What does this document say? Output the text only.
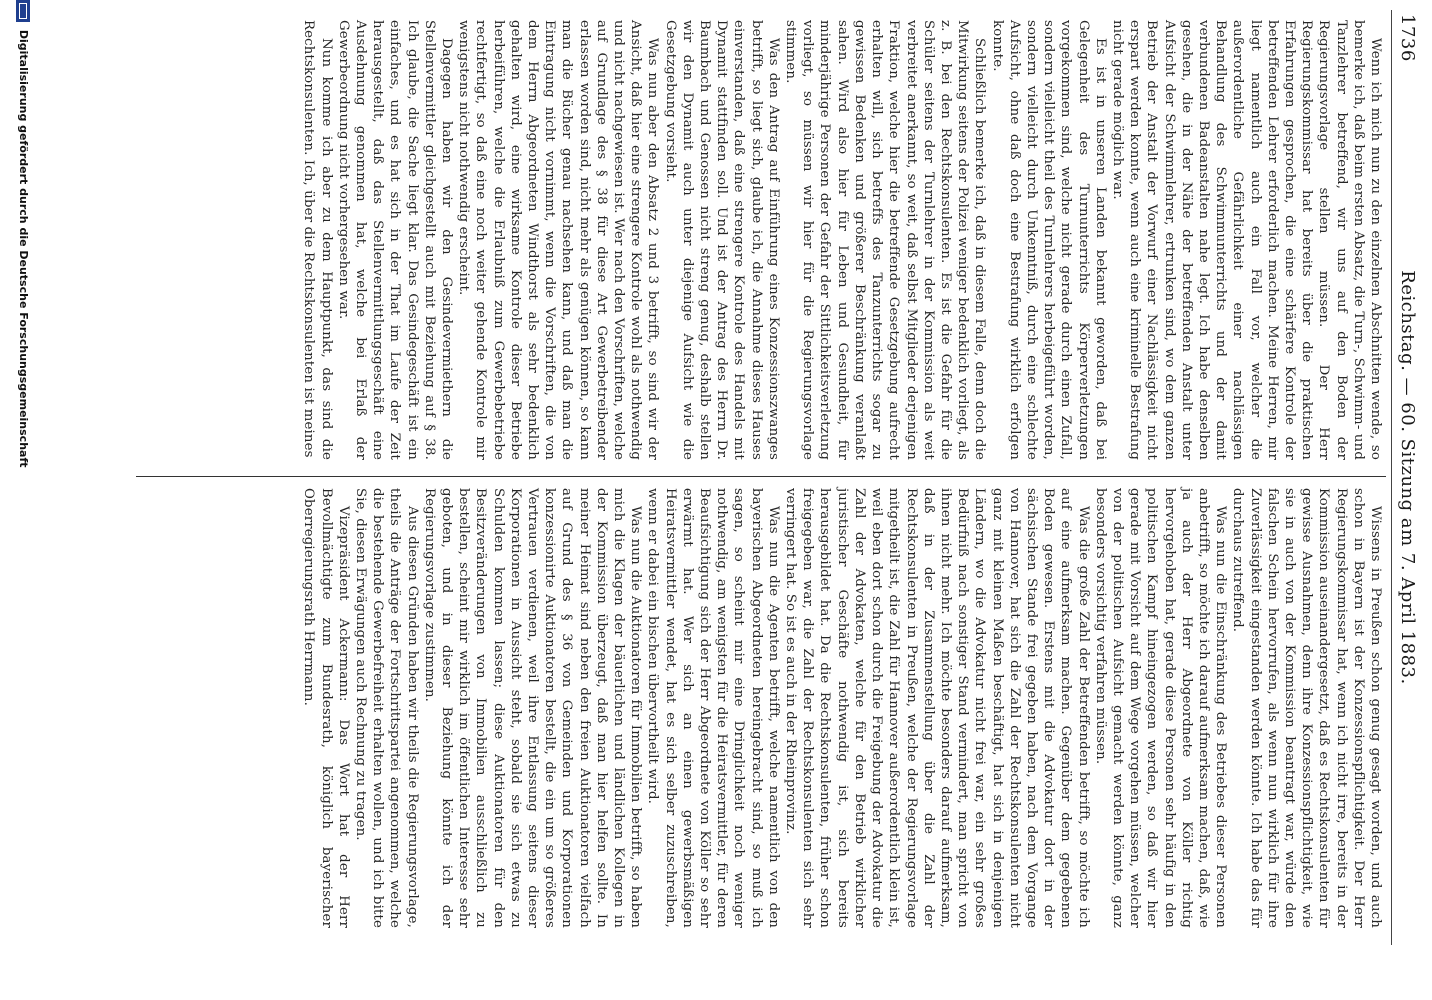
1736
Reichstag. — 60. Sitzung am 7. April 1883.

Wenn ich mich nun zu den einzelnen Abschnitten wende, so bemerke ich, daß beim ersten Absatz, die Turn-, Schwimm- und Tanzlehrer betreffend, wir uns auf den Boden der Regierungsvorlage stellen müssen. Der Herr Regierungskommissar hat bereits über die praktischen Erfahrungen gesprochen, die eine schärfere Kontrole der betreffenden Lehrer erforderlich machen. Meine Herren, mir liegt namentlich auch ein Fall vor, welcher die außerordentliche Gefährlichkeit einer nachlässigen Behandlung des Schwimmunterrichts und der damit verbundenen Badeanstalten nahe legt. Ich habe denselben gesehen, die in der Nähe der betreffenden Anstalt unter Aufsicht der Schwimmlehrer, ertrunken sind, wo dem ganzen Betrieb der Anstalt der Vorwurf einer Nachlässigkeit nicht erspart werden konnte, wenn auch eine kriminelle Bestrafung nicht gerade möglich war.

Es ist in unseren Landen bekannt geworden, daß bei Gelegenheit des Turnunterrichts Körperverletzungen vorgekommen sind, welche nicht gerade durch einen Zufall, sondern vielleicht theil des Turnlehrers herbeigeführt worden, sondern vielleicht durch Unkenntniß, durch eine schlechte Aufsicht, ohne daß doch eine Bestrafung wirklich erfolgen konnte.

Schließlich bemerke ich, daß in diesem Falle, denn doch die Mitwirkung seitens der Polizei weniger bedenklich vorliegt, als z. B. bei den Rechtskonsulenten. Es ist die Gefahr für die Schüler seitens der Turnlehrer in der Kommission als weit verbreitet anerkannt, so weit, daß selbst Mitglieder derjenigen Fraktion, welche hier die betreffende Gesetzgebung aufrecht erhalten will, sich betreffs des Tanzunterrichts sogar zu gewissen Bedenken und größerer Beschränkung veranlaßt sahen. Wird also hier für Leben und Gesundheit, für minderjährige Personen der Gefahr der Sittlichkeitsverletzung vorliegt, so müssen wir hier für die Regierungsvorlage stimmen.

Was den Antrag auf Einführung eines Konzessionszwanges betrifft, so liegt sich, glaube ich, die Annahme dieses Hauses einverstanden, daß eine strengere Kontrole des Handels mit Dynamit stattfinden soll. Und ist der Antrag des Herrn Dr. Baumbach und Genossen nicht streng genug, deshalb stellen wir den Dynamit auch unter diejenige Aufsicht wie die Gesetzgebung vorsieht.

Was nun aber den Absatz 2 und 3 betrifft, so sind wir der Ansicht, daß hier eine strengere Kontrole wohl als nothwendig und nicht nachgewiesen ist. Wer nach den Vorschriften, welche auf Grundlage des § 38 für diese Art Gewerbetreibender erlassen worden sind, nicht mehr als genügen können, so kann man die Bücher genau nachsehen kann, und daß man die Eintragung nicht vornimmt, wenn die Vorschriften, die von dem Herrn Abgeordneten Windthorst als sehr bedenklich gehalten wird, eine wirksame Kontrole dieser Betriebe herbeiführen, welche die Erlaubniß zum Gewerbebetriebe rechtfertigt, so daß eine noch weiter gehende Kontrole mir wenigstens nicht nothwendig erscheint.

Dagegen haben wir den Gesindevermiethern die Stellenvermittler gleichgestellt auch mit Beziehung auf § 38. Ich glaube, die Sache liegt klar. Das Gesindegeschäft ist ein einfaches, und es hat sich in der That im Laufe der Zeit herausgestellt, daß das Stellenvermittlungsgeschäft eine Ausdehnung genommen hat, welche bei Erlaß der Gewerbeordnung nicht vorhergesehen war.

Nun komme ich aber zu dem Hauptpunkt, das sind die Rechtskonsulenten. Ich, über die Rechtskonsulenten ist meines

Wissens in Preußen schon genug gesagt worden, und auch schon in Bayern ist der Konzessionspflichtigkeit. Der Herr Regierungskommissar hat, wenn ich nicht irre, bereits in der Kommission auseinandergesetzt, daß es Rechtskonsulenten für gewisse Ausnahmen, denn ihre Konzessionspflichtigkeit, wie sie in auch von der Kommission beantragt war, würde den falschen Schein hervorrufen, als wenn nun wirklich für ihre Zuverlässigkeit eingestanden werden könnte. Ich habe das für durchaus zutreffend.

Was nun die Einschränkung des Betriebes dieser Personen anbetrifft, so möchte ich darauf aufmerksam machen, daß, wie ja auch der Herr Abgeordnete von Köller richtig hervorgehoben hat, gerade diese Personen sehr häufig in den politischen Kampf hineingezogen werden, so daß wir hier gerade mit Vorsicht auf dem Wege vorgehen müssen, welcher von der politischen Aufsicht gemacht werden könnte, ganz besonders vorsichtig verfahren müssen.

Was die große Zahl der Betreffenden betrifft, so möchte ich auf eine aufmerksam machen. Gegenüber dem gegebenen Boden gewesen. Erstens mit die Advokatur dort in der sächsischen Stande frei gegeben haben, nach dem Vorgange von Hannover, hat sich die Zahl der Rechtskonsulenten nicht ganz mit kleinen Maßen beschäftigt, hat sich in denjenigen Ländern, wo die Advokatur nicht frei war, ein sehr großes Bedürfniß nach sonstiger Stand vermindert, man spricht von ihnen nicht mehr. Ich möchte besonders darauf aufmerksam, daß in der Zusammenstellung über die Zahl der Rechtskonsulenten in Preußen, welche der Regierungsvorlage mitgetheilt ist, die Zahl für Hannover außerordentlich klein ist, weil eben dort schon durch die Freigebung der Advokatur die Zahl der Advokaten, welche für den Betrieb wirklicher juristischer Geschäfte nothwendig ist, sich bereits herausgebildet hat. Da die Rechtskonsulenten, früher schon freigegeben war, die Zahl der Rechtskonsulenten sich sehr verringert hat. So ist es auch in der Rheinprovinz.

Was nun die Agenten betrifft, welche namentlich von den bayerischen Abgeordneten hereingebracht sind, so muß ich sagen, so scheint mir eine Dringlichkeit noch weniger nothwendig, am wenigsten für die Heiratsvermittler, für deren Beaufsichtigung sich der Herr Abgeordnete von Köller so sehr erwärmt hat. Wer sich an einen gewerbsmäßigen Heiratsvermittler wendet, hat es sich selber zuzuschreiben, wenn er dabei ein bischen übervortheilt wird.

Was nun die Auktionatoren für Immobilien betrifft, so haben mich die Klagen der bäuerlichen und ländlichen Kollegen in der Kommission überzeugt, daß man hier helfen sollte. In meiner Heimat sind neben den freien Auktionatoren vielfach auf Grund des § 36 von Gemeinden und Korporationen konzessionirte Auktionatoren bestellt, die ein um so größeres Vertrauen verdienen, weil ihre Entlassung seitens dieser Korporationen in Aussicht steht, sobald sie sich etwas zu Schulden kommen lassen; diese Auktionatoren für den Besitzveränderungen von Immobilien ausschließlich zu bestellen, scheint mir wirklich im öffentlichen Interesse sehr geboten, und in dieser Beziehung könnte ich der Regierungsvorlage zustimmen.

Aus diesen Gründen haben wir theils die Regierungsvorlage, theils die Anträge der Fortschrittspartei angenommen, welche die bestehende Gewerbefreiheit erhalten wollen, und ich bitte Sie, diesen Erwägungen auch Rechnung zu tragen.

Vizepräsident Ackermann: Das Wort hat der Herr Bevollmächtigte zum Bundesrath, königlich bayerischer Oberregierungsrath Herrmann.

Digitalisierung gefördert durch die Deutsche Forschungsgemeinschaft
